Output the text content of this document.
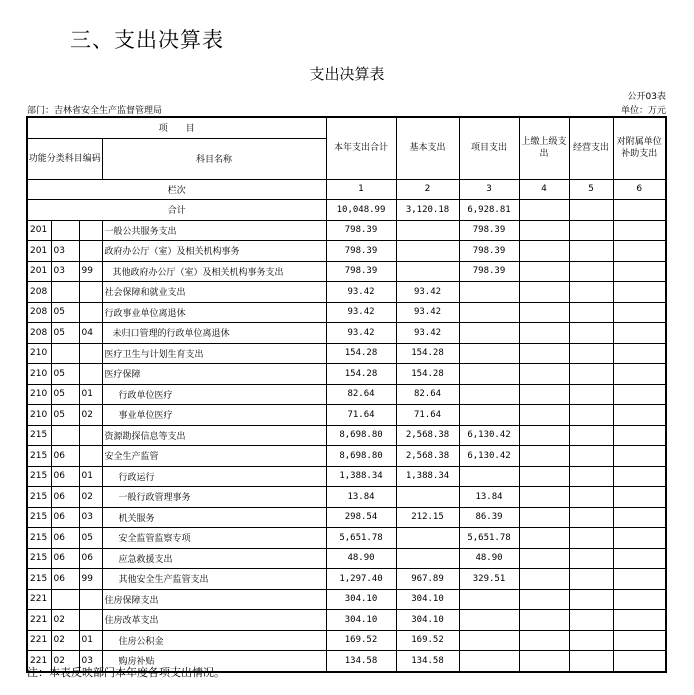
三、支出决算表
支出决算表
公开03表
部门：吉林省安全生产监督管理局	单位：万元
项　　目				本年支出合计	基本支出	项目支出	上缴上级支出	经营支出	对附属单位补助支出
功能分类科目编码			科目名称						
栏次				1	2	3	4	5	6
合计				10,048.99	3,120.18	6,928.81			
201			一般公共服务支出	798.39		798.39			
201	03		政府办公厅（室）及相关机构事务	798.39		798.39			
201	03	99	其他政府办公厅（室）及相关机构事务支出	798.39		798.39			
208			社会保障和就业支出	93.42	93.42				
208	05		行政事业单位离退休	93.42	93.42				
208	05	04	未归口管理的行政单位离退休	93.42	93.42				
210			医疗卫生与计划生育支出	154.28	154.28				
210	05		医疗保障	154.28	154.28				
210	05	01	行政单位医疗	82.64	82.64				
210	05	02	事业单位医疗	71.64	71.64				
215			资源勘探信息等支出	8,698.80	2,568.38	6,130.42			
215	06		安全生产监管	8,698.80	2,568.38	6,130.42			
215	06	01	行政运行	1,388.34	1,388.34				
215	06	02	一般行政管理事务	13.84		13.84			
215	06	03	机关服务	298.54	212.15	86.39			
215	06	05	安全监管监察专项	5,651.78		5,651.78			
215	06	06	应急救援支出	48.90		48.90			
215	06	99	其他安全生产监管支出	1,297.40	967.89	329.51			
221			住房保障支出	304.10	304.10				
221	02		住房改革支出	304.10	304.10				
221	02	01	住房公积金	169.52	169.52				
221	02	03	购房补贴	134.58	134.58				
注：本表反映部门本年度各项支出情况。
